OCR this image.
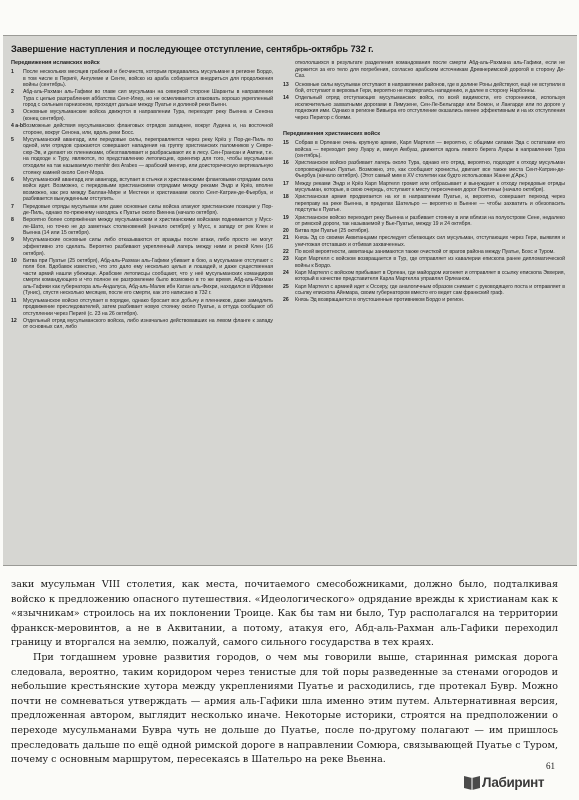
Завершение наступления и последующее отступление, сентябрь-октябрь 732 г.
Передвижения исламских войск
1	После нескольких месяцев грабежей и бесчинств, которым предавались мусульмане в регионе Бордо, в том числе в Перигё, Ангулеме и Сенте, войско из араба собирается внедриться для продолжения войны (сентябрь).
2	Абд-аль-Рахман аль-Гафики во главе сил мусульман на северной стороне Шаранты в направлении Тура с целью разграбления аббатства Сент-Илер, но не осмеливается атаковать хорошо укрепленный город с сильным гарнизоном, проходят дальше между Пуатье и долиной реки Вьенн.
3	Основные мусульманские войска движутся в направлении Тура, переходят реку Вьенна и Сенона (конец сентября).
4 а-b Возможные действия мусульманских фланговых отрядов западнее, вокруг Лудена и, на восточной стороне, вокруг Сенона, или, вдоль реки Босс.
5	Мусульманский авангард, или передовые силы, переправляется через реку Крёз у Пор-де-Пиль по одной, или отрядов сражаются совершают нападения на группу христианских паломников у Севре-сюр-Эв, и делают их пленниками, обезглавливает и разбрасывают их в лесу. Сен-Грансан и Ампни, т.е. на подходе к Туру, являются, по представлению летописцев, ориентир для того, чтобы мусульмане отходили на так называемую menhir des Arabes — арабский менгир, или доисторическую вертикальную стоянку камней около Сент-Мора.
6	Мусульманский авангард или авангард, вступает в стычки и христианскими фланговыми отрядами сила войск идет. Возможно, с передовыми христианскими отрядами между реками Эндр и Крёз, вполне возможно, как рез между Баллан-Мире и Местеки и христианами около Сент-Катрин-де-Фьербуа, и разбивается вынужденным отступить.
7	Передовые отряды мусульман или даже основные силы войска атакуют христианские позиции у Пор-де-Пиль, однако по-прежнему находясь к Пуатье около Виенна (начало октября).
8	Вероятно более сопряжённая между мусульманским и христианскими войсками поднимается у Мусс-ле-Шато, но точно не до заметных столкновений (начало октября) у Мусс, к западу от рек Клен и Вьенна (14 или 15 октября).
9	Мусульманские основные силы либо отказываются от вражды после атаки, либо просто не могут эффективно это сделать. Вероятно разбивают укрепленный лагерь между ними и рекой Клен (16 октября).
10	Битва при Пуатье (25 октября), Абд-аль-Рахман аль-Гафики убивает в бою, а мусульмане отступают с поля боя. Вдобавок известно, что это дало ему несколько целых и лошадей, и даже существенная части армий нашли убежище. Арабские летописцы сообщают, что у неё мусульманских командиров смерти командующего и что полное ее разгромление было возможно в то же время. Абд-аль-Рахман аль-Гафики как губернатора аль-Андалуса, Абд-аль-Малик ибн Катан аль-Фихри, находился в Ифрикии (Тунис), спустя несколько месяцев, после его смерти, как это написано в 732 г.
11	Мусульманское войско отступает в порядке, однако бросает все добычу и пленников, даже замедлить продвижение преследователей, затем разбивает новую стоянку около Пуатье, а оттуда сообщают об отступлении через Перигё (с. 23 на 26 октября).
12	Отдельный отряд мусульманского войска, либо изначально действовавших на левом фланге к западу от основных сил, либо
откололшихся в результате разделения командования после смерти Абд-аль-Рахмана аль-Гафики, если не держится за его тело для погребения, согласно арабским источникам Древнеримской дорогой в сторону Де-Саз.
13	Основные силы мусульман отступают в направлении районов, где в долине Роны действуют, ещё не вступили в бой, отступают в верховья Гери, вероятно не подвергаясь нападению, и далее в сторону Нарбонны.
14	Отдельный отряд отступающих мусульманских войск, по всей видимости, его сторонников, используя исключительно захватными дорогами в Лимузене, Сен-Ле-Бельгарде или Бомон, и Лангарде или по дороге у подножия ими. Однако в регионе Вивьера его отступление оказались менее эффективным и на их отступления через Перигор с боями.
Передвижения христианских войск
15	Собрав в Орлеане очень крупную армию, Карл Мартелл — вероятно, с общими силами Эда с остатками его войска — переходит реку Луару и, минуя Амбуаз, движется вдоль левого берега Луары в направлении Тура (сентябрь).
16	Христианское войско разбивает лагерь около Тура, однако его отряд, вероятно, подходят к отходу мусульман сопровождённых Пуатье. Возможно, это, как сообщают хронисты, двигает все также места Сент-Катрин-де-Фьербуа (начало октября). (Этот самый мим в XV столетии как будто использован Жанне д'Арк.)
17	Между реками Эндр и Крёз Карл Мартелл громит или отбрасывает и вынуждает к отходу передовые отряды мусульман, которые, в свою очередь, отступают к месту пересечения дорог Понтиньи (начало октября).
18	Христианская армия продвигается на юг в направлении Пуатье, и, вероятно, совершает переход через переправу на реке Вьенна, в пределах Шательро — вероятно в Вьенне — чтобы захватить и обезопасить подступы к Пуатье.
19	Христианское войско переходит реку Вьенна и разбивает стоянку в или вблизи на полуострове Сене, недалеко от римской дороги, так называемой у Вье-Пуатье, между 19 и 24 октября.
20	Битва при Пуатье (25 октября).
21	Князь Эд со своими Аквитанцами преследует сбегающих сил мусульман, отступающих через Гери, выявляя и уничтожая отставших и отбивая захваченных.
22	По всей вероятности, аквитанцы занимаются также очисткой от врагов района между Пуатье, Бохс и Туром.
23	Карл Мартелл с войском возвращается в Тур, где отправляет из кавалерии епископа ранее дипломатической войны к Бордо.
24	Карл Мартелл с войском прибывает в Орлеан, где майордом изгоняет и отправляет в ссылку епископа Эвхерия, который в качестве представителя Карла Мартелла управлял Орлеаном.
25	Карл Мартелл с армией идет к Оссеру, где аналогичным образом снимает с руководящего поста и отправляет в ссылку епископа Айнмара, своим губернатором вместо его ведет сам франкский граф.
26	Князь Эд возвращается в опустошенные противником Бордо и регион.

заки мусульман VIII столетия, как места, почитаемого смесобожниками, должно было, подталкивая войско к предложению опасного путешествия. «Идеологического» одрядание врежды к христианам как к «язычникам» строилось на их поклонении Троице. Как бы там ни было, Тур располагался на территории франкск-меровинтов, а не в Аквитании, а потому, атакуя его, Абд-аль-Рахман аль-Гафики переходил границу и вторгался на землю, пожалуй, самого сильного государства в тех краях.

При тогдашнем уровне развития городов, о чем мы говорили выше, старинная римская дорога следовала, вероятно, таким коридором через тенистые для той поры разведенные за стенами огородов и небольшие крестьянские хутора между укреплениями Пуатье и расходились, где протекал Бувр. Можно почти не сомневаться утверждать — армия аль-Гафики шла именно этим путем. Альтернативная версия, предложенная автором, выглядит несколько иначе. Некоторые историки, строятся на предположении о переходе мусульманами Бувра чуть не дольше до Пуатье, после по-другому полагают — им пришлось преследовать дальше по ещё одной римской дороге в направлении Сомюра, связывающей Пуатье с Туром, почему с основным маршрутом, пересекаясь в Шательро на реке Вьенна.

61
Лабиринт
